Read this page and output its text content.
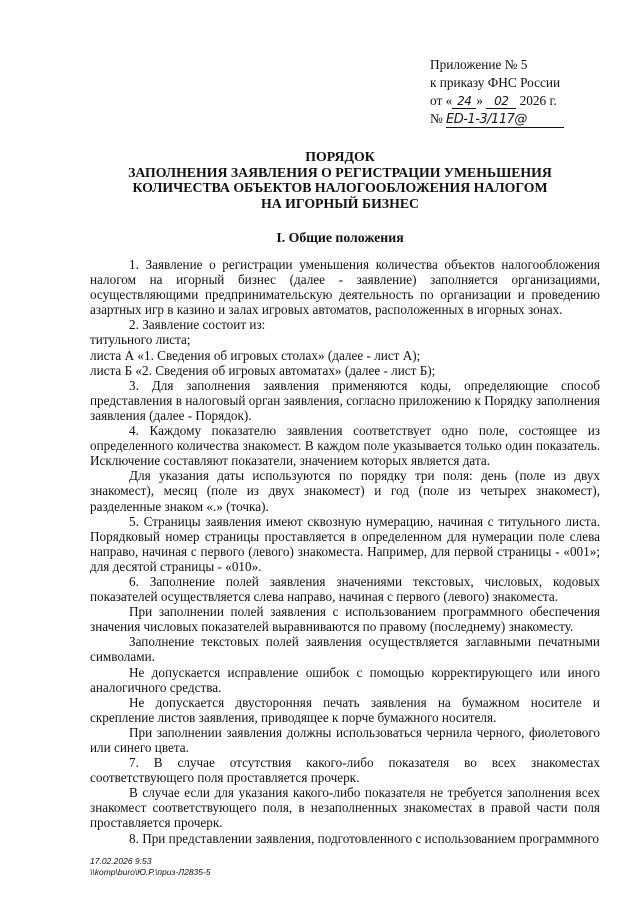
Приложение № 5
к приказу ФНС России
от « 24 » 02 2026 г.
№ ED-1-3/117@
ПОРЯДОК
ЗАПОЛНЕНИЯ ЗАЯВЛЕНИЯ О РЕГИСТРАЦИИ УМЕНЬШЕНИЯ
КОЛИЧЕСТВА ОБЪЕКТОВ НАЛОГООБЛОЖЕНИЯ НАЛОГОМ
НА ИГОРНЫЙ БИЗНЕС
I. Общие положения

1. Заявление о регистрации уменьшения количества объектов налогообложения налогом на игорный бизнес (далее - заявление) заполняется организациями, осуществляющими предпринимательскую деятельность по организации и проведению азартных игр в казино и залах игровых автоматов, расположенных в игорных зонах.

2. Заявление состоит из:

титульного листа;

листа А «1. Сведения об игровых столах» (далее - лист А);

листа Б «2. Сведения об игровых автоматах» (далее - лист Б);

3. Для заполнения заявления применяются коды, определяющие способ представления в налоговый орган заявления, согласно приложению к Порядку заполнения заявления (далее - Порядок).

4. Каждому показателю заявления соответствует одно поле, состоящее из определенного количества знакомест. В каждом поле указывается только один показатель. Исключение составляют показатели, значением которых является дата.

Для указания даты используются по порядку три поля: день (поле из двух знакомест), месяц (поле из двух знакомест) и год (поле из четырех знакомест), разделенные знаком «.» (точка).

5. Страницы заявления имеют сквозную нумерацию, начиная с титульного листа. Порядковый номер страницы проставляется в определенном для нумерации поле слева направо, начиная с первого (левого) знакоместа. Например, для первой страницы - «001»; для десятой страницы - «010».

6. Заполнение полей заявления значениями текстовых, числовых, кодовых показателей осуществляется слева направо, начиная с первого (левого) знакоместа.

При заполнении полей заявления с использованием программного обеспечения значения числовых показателей выравниваются по правому (последнему) знакоместу.

Заполнение текстовых полей заявления осуществляется заглавными печатными символами.

Не допускается исправление ошибок с помощью корректирующего или иного аналогичного средства.

Не допускается двусторонняя печать заявления на бумажном носителе и скрепление листов заявления, приводящее к порче бумажного носителя.

При заполнении заявления должны использоваться чернила черного, фиолетового или синего цвета.

7. В случае отсутствия какого-либо показателя во всех знакоместах соответствующего поля проставляется прочерк.

В случае если для указания какого-либо показателя не требуется заполнения всех знакомест соответствующего поля, в незаполненных знакоместах в правой части поля проставляется прочерк.

8. При представлении заявления, подготовленного с использованием программного

17.02.2026 9:53
\\komp\buro\Ю.Р.\приз-Л2835-5
